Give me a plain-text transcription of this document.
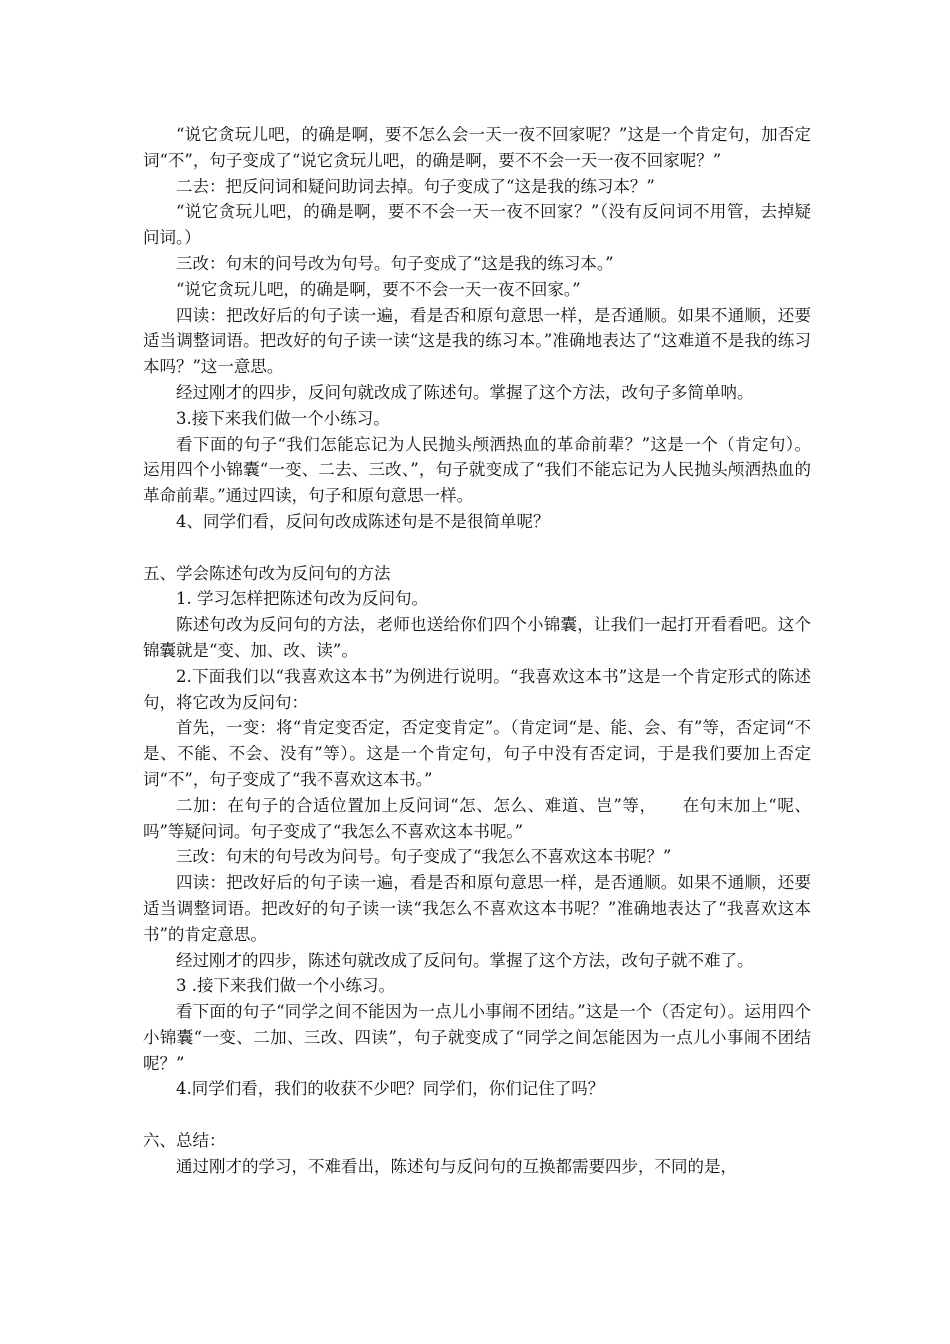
“说它贪玩儿吧，的确是啊，要不怎么会一天一夜不回家呢？”这是一个肯定句，加否定词“不”，句子变成了“说它贪玩儿吧，的确是啊，要不不会一天一夜不回家呢？”

二去：把反问词和疑问助词去掉。句子变成了“这是我的练习本？”

“说它贪玩儿吧，的确是啊，要不不会一天一夜不回家？”（没有反问词不用管，去掉疑问词。）

三改：句末的问号改为句号。句子变成了“这是我的练习本。”

“说它贪玩儿吧，的确是啊，要不不会一天一夜不回家。”

四读：把改好后的句子读一遍，看是否和原句意思一样，是否通顺。如果不通顺，还要适当调整词语。把改好的句子读一读“这是我的练习本。”准确地表达了“这难道不是我的练习本吗？”这一意思。

经过刚才的四步，反问句就改成了陈述句。掌握了这个方法，改句子多简单呐。

3.接下来我们做一个小练习。

看下面的句子“我们怎能忘记为人民抛头颅洒热血的革命前辈？”这是一个（肯定句）。运用四个小锦囊“一变、二去、三改、”，句子就变成了“我们不能忘记为人民抛头颅洒热血的革命前辈。”通过四读，句子和原句意思一样。

4、同学们看，反问句改成陈述句是不是很简单呢？

五、学会陈述句改为反问句的方法

1. 学习怎样把陈述句改为反问句。

陈述句改为反问句的方法，老师也送给你们四个小锦囊，让我们一起打开看看吧。这个锦囊就是“变、加、改、读”。

2.下面我们以“我喜欢这本书”为例进行说明。“我喜欢这本书”这是一个肯定形式的陈述句，将它改为反问句：

首先，一变：将“肯定变否定，否定变肯定”。（肯定词“是、能、会、有”等，否定词“不是、不能、不会、没有”等）。这是一个肯定句，句子中没有否定词，于是我们要加上否定词“不”，句子变成了“我不喜欢这本书。”

二加：在句子的合适位置加上反问词“怎、怎么、难道、岂”等，　　在句末加上“呢、吗”等疑问词。句子变成了“我怎么不喜欢这本书呢。”

三改：句末的句号改为问号。句子变成了“我怎么不喜欢这本书呢？”

四读：把改好后的句子读一遍，看是否和原句意思一样，是否通顺。如果不通顺，还要适当调整词语。把改好的句子读一读“我怎么不喜欢这本书呢？”准确地表达了“我喜欢这本书”的肯定意思。

经过刚才的四步，陈述句就改成了反问句。掌握了这个方法，改句子就不难了。

3 .接下来我们做一个小练习。

看下面的句子“同学之间不能因为一点儿小事闹不团结。”这是一个（否定句）。运用四个小锦囊“一变、二加、三改、四读”，句子就变成了“同学之间怎能因为一点儿小事闹不团结呢？”

4.同学们看，我们的收获不少吧？同学们，你们记住了吗？

六、总结：

通过刚才的学习，不难看出，陈述句与反问句的互换都需要四步，不同的是，
